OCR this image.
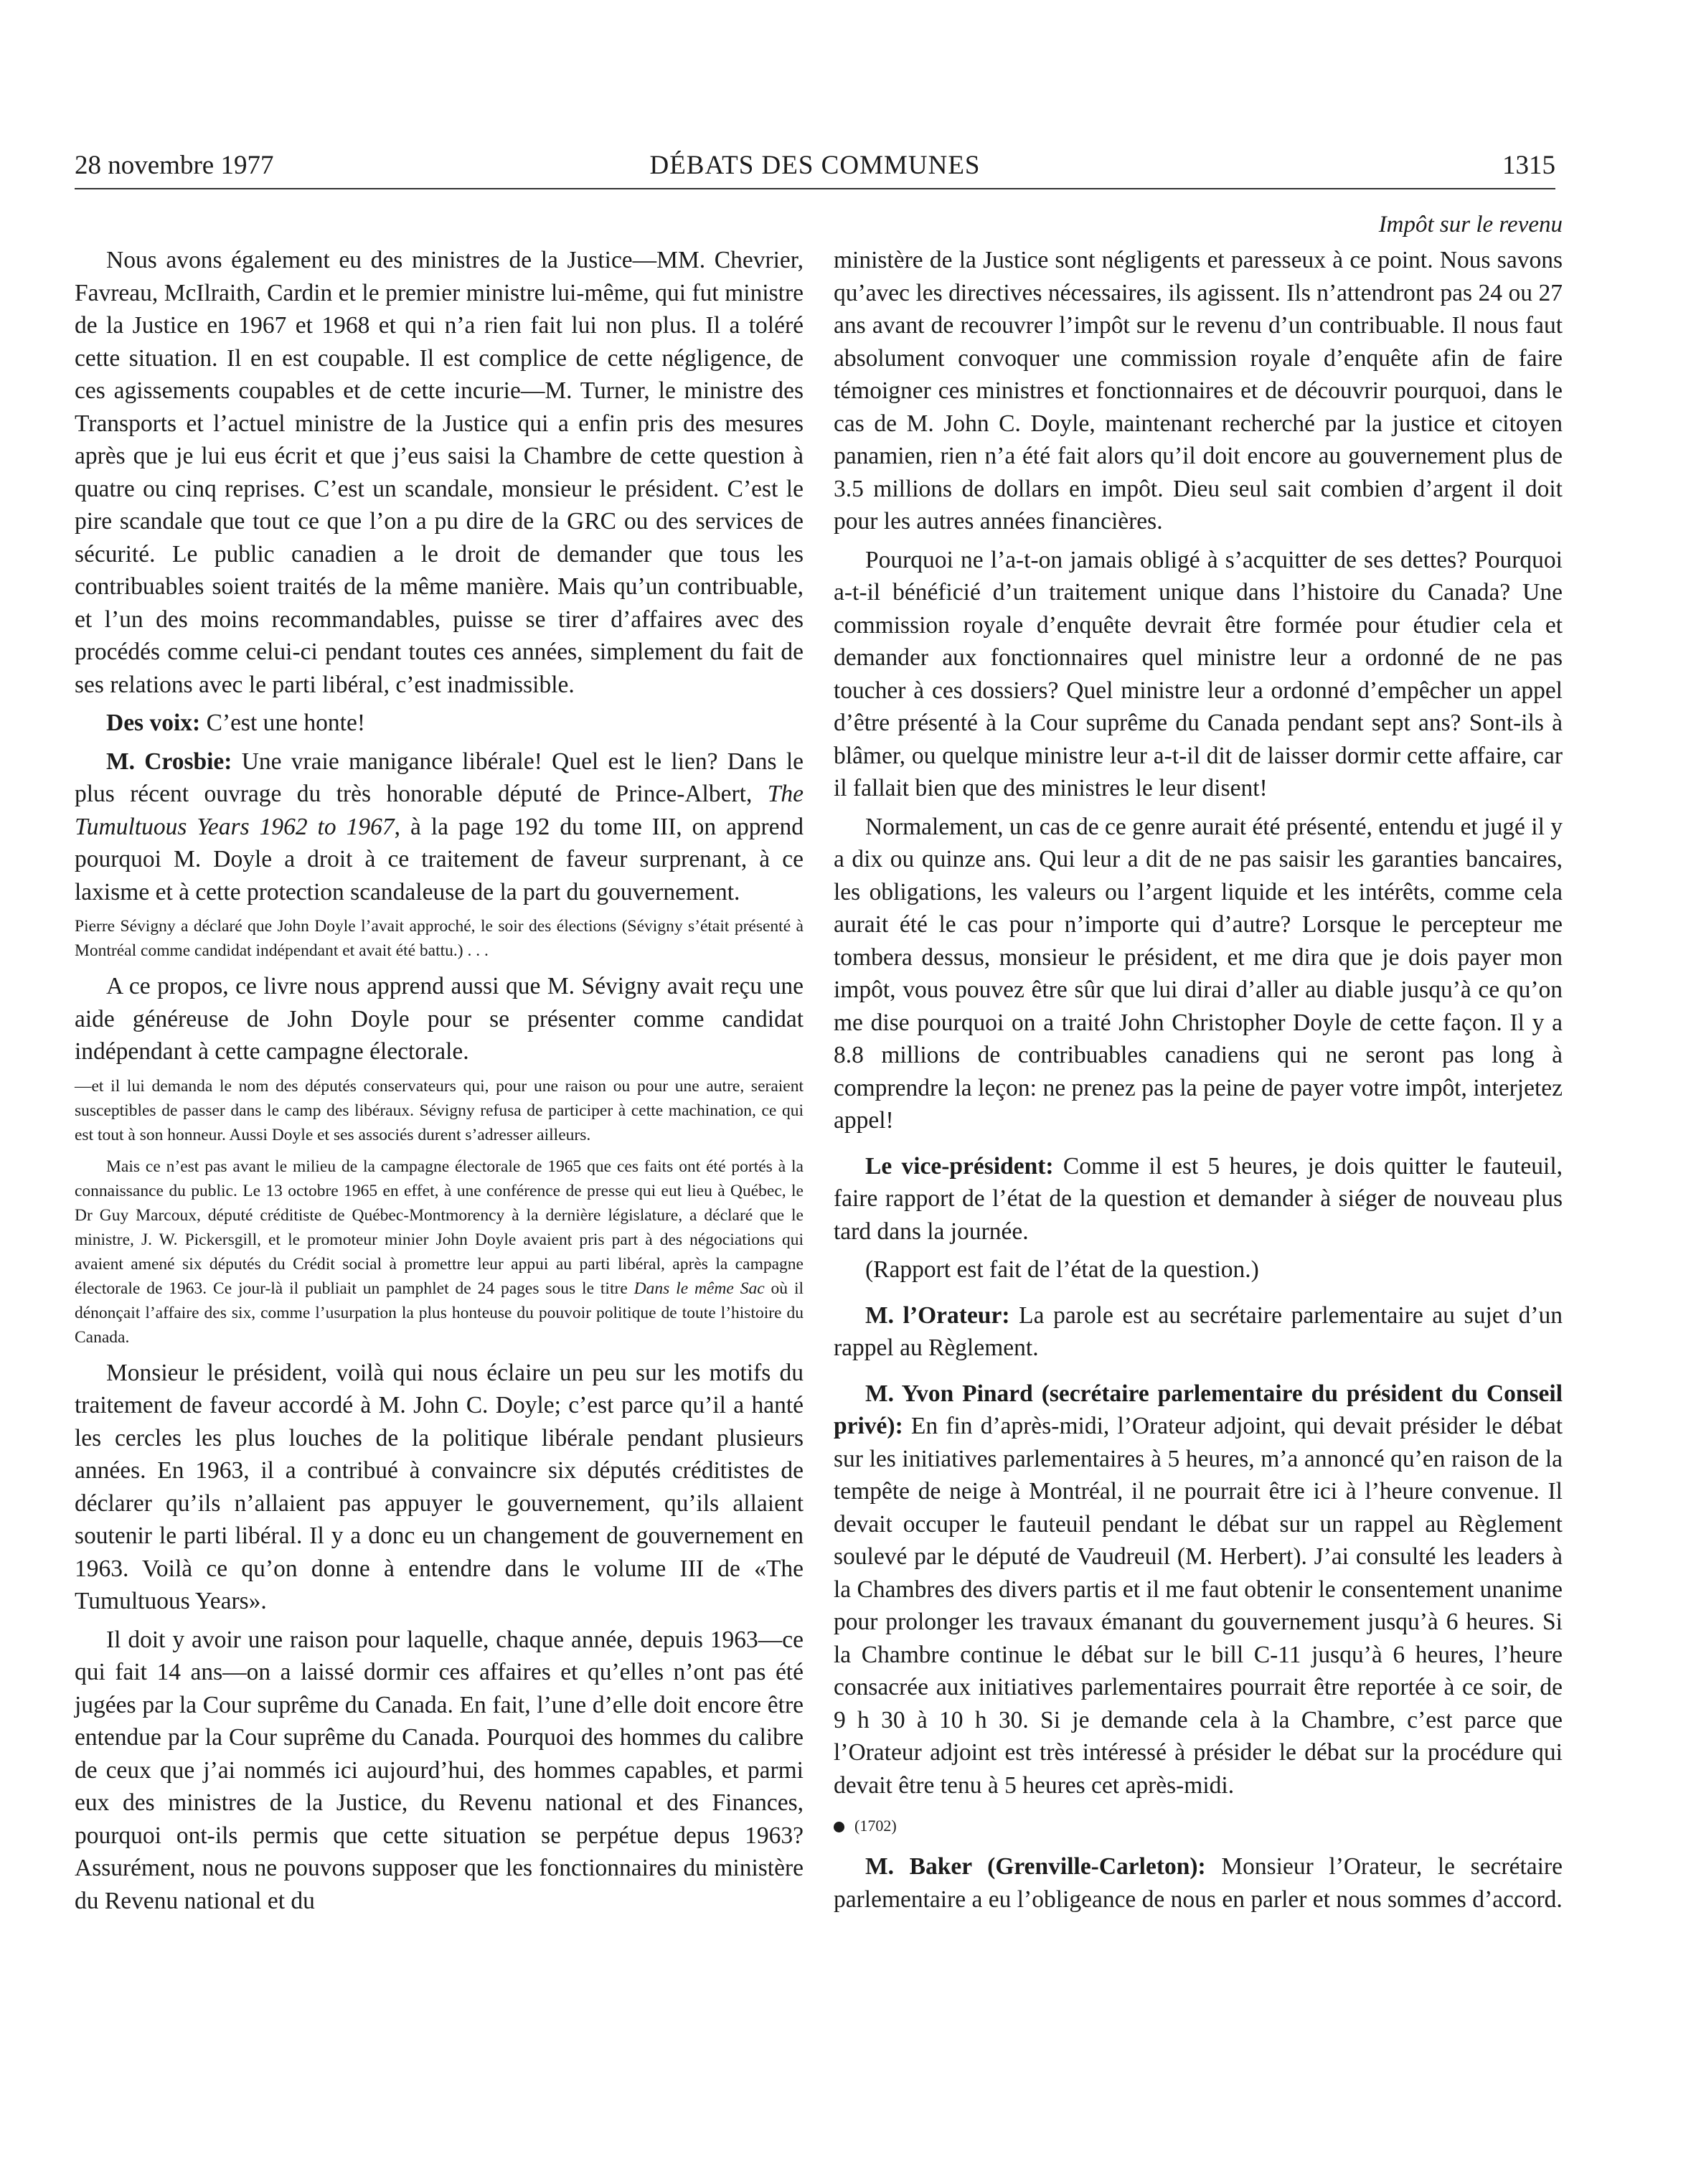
28 novembre 1977	DÉBATS DES COMMUNES	1315

Nous avons également eu des ministres de la Justice—MM. Chevrier, Favreau, McIlraith, Cardin et le premier ministre lui-même, qui fut ministre de la Justice en 1967 et 1968 et qui n’a rien fait lui non plus. Il a toléré cette situation. Il en est coupable. Il est complice de cette négligence, de ces agissements coupables et de cette incurie—M. Turner, le ministre des Transports et l’actuel ministre de la Justice qui a enfin pris des mesures après que je lui eus écrit et que j’eus saisi la Chambre de cette question à quatre ou cinq reprises. C’est un scandale, monsieur le président. C’est le pire scandale que tout ce que l’on a pu dire de la GRC ou des services de sécurité. Le public canadien a le droit de demander que tous les contribuables soient traités de la même manière. Mais qu’un contribuable, et l’un des moins recommandables, puisse se tirer d’affaires avec des procédés comme celui-ci pendant toutes ces années, simplement du fait de ses relations avec le parti libéral, c’est inadmissible.

Des voix: C’est une honte!

M. Crosbie: Une vraie manigance libérale! Quel est le lien? Dans le plus récent ouvrage du très honorable député de Prince-Albert, The Tumultuous Years 1962 to 1967, à la page 192 du tome III, on apprend pourquoi M. Doyle a droit à ce traitement de faveur surprenant, à ce laxisme et à cette protection scandaleuse de la part du gouvernement.

Pierre Sévigny a déclaré que John Doyle l’avait approché, le soir des élections (Sévigny s’était présenté à Montréal comme candidat indépendant et avait été battu.) . . .

A ce propos, ce livre nous apprend aussi que M. Sévigny avait reçu une aide généreuse de John Doyle pour se présenter comme candidat indépendant à cette campagne électorale.

—et il lui demanda le nom des députés conservateurs qui, pour une raison ou pour une autre, seraient susceptibles de passer dans le camp des libéraux. Sévigny refusa de participer à cette machination, ce qui est tout à son honneur. Aussi Doyle et ses associés durent s’adresser ailleurs.

Mais ce n’est pas avant le milieu de la campagne électorale de 1965 que ces faits ont été portés à la connaissance du public. Le 13 octobre 1965 en effet, à une conférence de presse qui eut lieu à Québec, le Dr Guy Marcoux, député créditiste de Québec-Montmorency à la dernière législature, a déclaré que le ministre, J. W. Pickersgill, et le promoteur minier John Doyle avaient pris part à des négociations qui avaient amené six députés du Crédit social à promettre leur appui au parti libéral, après la campagne électorale de 1963. Ce jour-là il publiait un pamphlet de 24 pages sous le titre Dans le même Sac où il dénonçait l’affaire des six, comme l’usurpation la plus honteuse du pouvoir politique de toute l’histoire du Canada.

Monsieur le président, voilà qui nous éclaire un peu sur les motifs du traitement de faveur accordé à M. John C. Doyle; c’est parce qu’il a hanté les cercles les plus louches de la politique libérale pendant plusieurs années. En 1963, il a contribué à convaincre six députés créditistes de déclarer qu’ils n’allaient pas appuyer le gouvernement, qu’ils allaient soutenir le parti libéral. Il y a donc eu un changement de gouvernement en 1963. Voilà ce qu’on donne à entendre dans le volume III de «The Tumultuous Years».

Il doit y avoir une raison pour laquelle, chaque année, depuis 1963—ce qui fait 14 ans—on a laissé dormir ces affaires et qu’elles n’ont pas été jugées par la Cour suprême du Canada. En fait, l’une d’elle doit encore être entendue par la Cour suprême du Canada. Pourquoi des hommes du calibre de ceux que j’ai nommés ici aujourd’hui, des hommes capables, et parmi eux des ministres de la Justice, du Revenu national et des Finances, pourquoi ont-ils permis que cette situation se perpétue depus 1963? Assurément, nous ne pouvons supposer que les fonctionnaires du ministère du Revenu national et du

Impôt sur le revenu

ministère de la Justice sont négligents et paresseux à ce point. Nous savons qu’avec les directives nécessaires, ils agissent. Ils n’attendront pas 24 ou 27 ans avant de recouvrer l’impôt sur le revenu d’un contribuable. Il nous faut absolument convoquer une commission royale d’enquête afin de faire témoigner ces ministres et fonctionnaires et de découvrir pourquoi, dans le cas de M. John C. Doyle, maintenant recherché par la justice et citoyen panamien, rien n’a été fait alors qu’il doit encore au gouvernement plus de 3.5 millions de dollars en impôt. Dieu seul sait combien d’argent il doit pour les autres années financières.

Pourquoi ne l’a-t-on jamais obligé à s’acquitter de ses dettes? Pourquoi a-t-il bénéficié d’un traitement unique dans l’histoire du Canada? Une commission royale d’enquête devrait être formée pour étudier cela et demander aux fonctionnaires quel ministre leur a ordonné de ne pas toucher à ces dossiers? Quel ministre leur a ordonné d’empêcher un appel d’être présenté à la Cour suprême du Canada pendant sept ans? Sont-ils à blâmer, ou quelque ministre leur a-t-il dit de laisser dormir cette affaire, car il fallait bien que des ministres le leur disent!

Normalement, un cas de ce genre aurait été présenté, entendu et jugé il y a dix ou quinze ans. Qui leur a dit de ne pas saisir les garanties bancaires, les obligations, les valeurs ou l’argent liquide et les intérêts, comme cela aurait été le cas pour n’importe qui d’autre? Lorsque le percepteur me tombera dessus, monsieur le président, et me dira que je dois payer mon impôt, vous pouvez être sûr que lui dirai d’aller au diable jusqu’à ce qu’on me dise pourquoi on a traité John Christopher Doyle de cette façon. Il y a 8.8 millions de contribuables canadiens qui ne seront pas long à comprendre la leçon: ne prenez pas la peine de payer votre impôt, interjetez appel!

Le vice-président: Comme il est 5 heures, je dois quitter le fauteuil, faire rapport de l’état de la question et demander à siéger de nouveau plus tard dans la journée.

(Rapport est fait de l’état de la question.)

M. l’Orateur: La parole est au secrétaire parlementaire au sujet d’un rappel au Règlement.

M. Yvon Pinard (secrétaire parlementaire du président du Conseil privé): En fin d’après-midi, l’Orateur adjoint, qui devait présider le débat sur les initiatives parlementaires à 5 heures, m’a annoncé qu’en raison de la tempête de neige à Montréal, il ne pourrait être ici à l’heure convenue. Il devait occuper le fauteuil pendant le débat sur un rappel au Règlement soulevé par le député de Vaudreuil (M. Herbert). J’ai consulté les leaders à la Chambres des divers partis et il me faut obtenir le consentement unanime pour prolonger les travaux émanant du gouvernement jusqu’à 6 heures. Si la Chambre continue le débat sur le bill C-11 jusqu’à 6 heures, l’heure consacrée aux initiatives parlementaires pourrait être reportée à ce soir, de 9 h 30 à 10 h 30. Si je demande cela à la Chambre, c’est parce que l’Orateur adjoint est très intéressé à présider le débat sur la procédure qui devait être tenu à 5 heures cet après-midi.

(1702)

M. Baker (Grenville-Carleton): Monsieur l’Orateur, le secrétaire parlementaire a eu l’obligeance de nous en parler et nous sommes d’accord.
